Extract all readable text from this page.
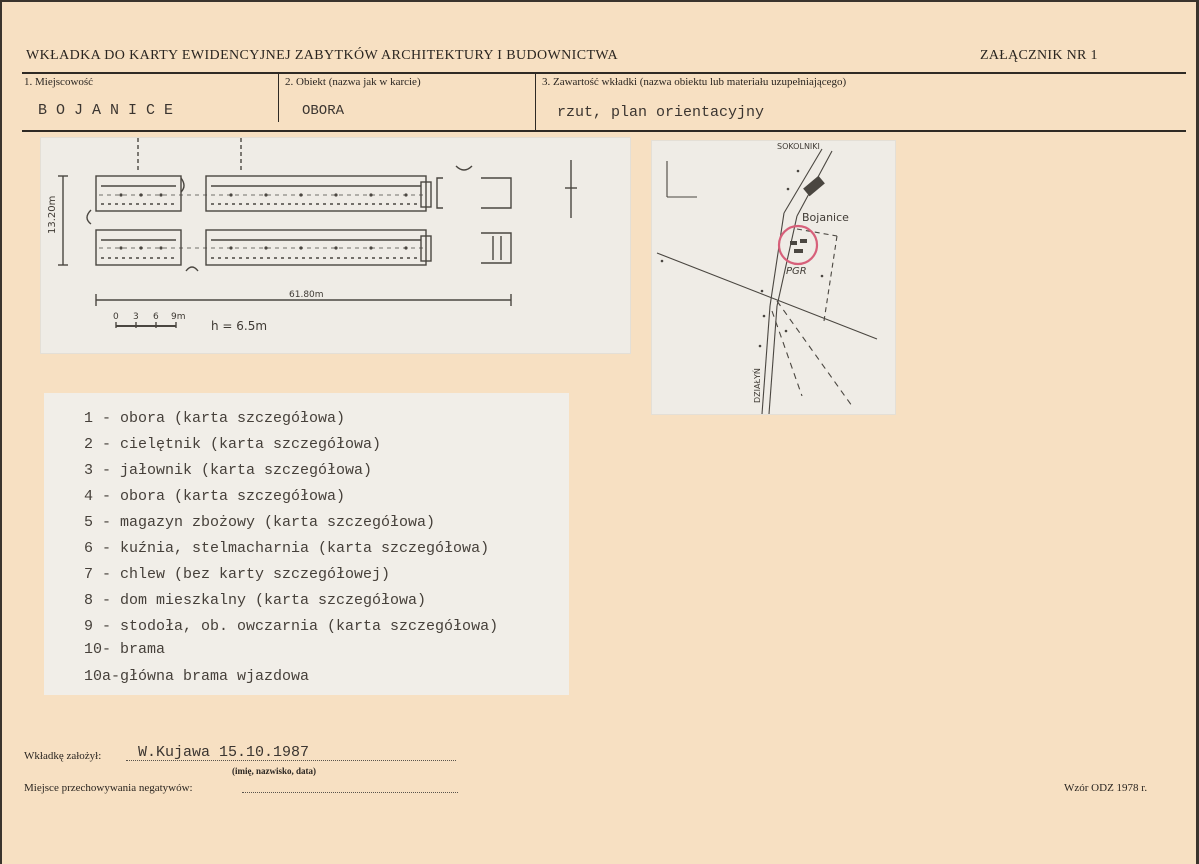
WKŁADKA DO KARTY EWIDENCYJNEJ ZABYTKÓW ARCHITEKTURY I BUDOWNICTWA	ZAŁĄCZNIK NR 1
1. Miejscowość
B O J A N I C E
2. Obiekt (nazwa jak w karcie)
OBORA
3. Zawartość wkładki (nazwa obiektu lub materiału uzupełniającego)
rzut, plan orientacyjny
13.20m
61.80m
0 3 6 9m
h = 6.5m
SOKOLNIKI
Bojanice
PGR
DZIAŁYŃ
1 - obora (karta szczegółowa)
2 - cielętnik (karta szczegółowa)
3 - jałownik (karta szczegółowa)
4 - obora (karta szczegółowa)
5 - magazyn zbożowy (karta szczegółowa)
6 - kuźnia, stelmacharnia (karta szczegółowa)
7 - chlew (bez karty szczegółowej)
8 - dom mieszkalny (karta szczegółowa)
9 - stodoła, ob. owczarnia (karta szczegółowa)
10- brama
10a-główna brama wjazdowa
Wkładkę założył: W.Kujawa 15.10.1987
(imię, nazwisko, data)
Miejsce przechowywania negatywów:	Wzór ODZ 1978 r.
